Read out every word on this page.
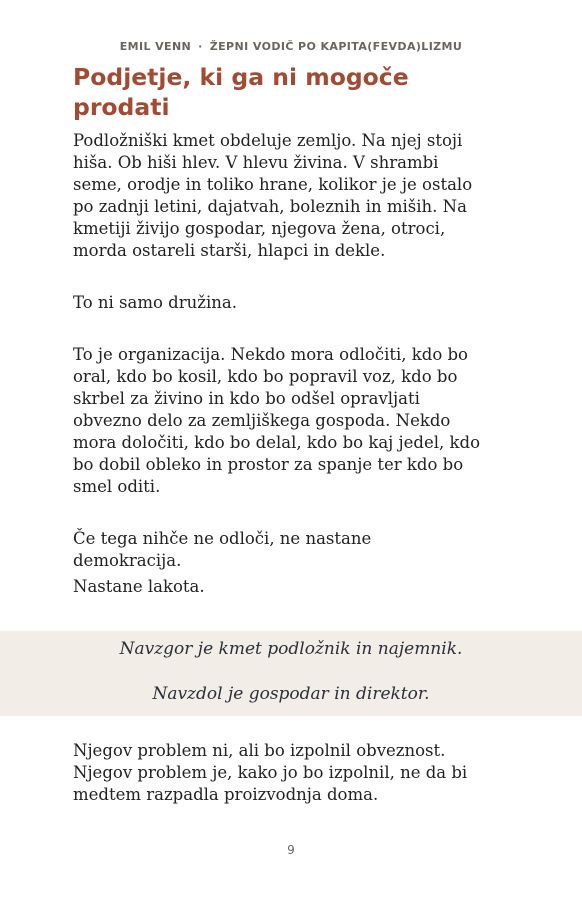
EMIL VENN · ŽEPNI VODIČ PO KAPITA(FEVDA)LIZMU
Podjetje, ki ga ni mogoče
prodati

Podložniški kmet obdeluje zemljo. Na njej stoji
hiša. Ob hiši hlev. V hlevu živina. V shrambi
seme, orodje in toliko hrane, kolikor je je ostalo
po zadnji letini, dajatvah, boleznih in miših. Na
kmetiji živijo gospodar, njegova žena, otroci,
morda ostareli starši, hlapci in dekle.

To ni samo družina.

To je organizacija. Nekdo mora odločiti, kdo bo
oral, kdo bo kosil, kdo bo popravil voz, kdo bo
skrbel za živino in kdo bo odšel opravljati
obvezno delo za zemljiškega gospoda. Nekdo
mora določiti, kdo bo delal, kdo bo kaj jedel, kdo
bo dobil obleko in prostor za spanje ter kdo bo
smel oditi.

Če tega nihče ne odloči, ne nastane
demokracija.

Nastane lakota.

Navzgor je kmet podložnik in najemnik.

Navzdol je gospodar in direktor.

Njegov problem ni, ali bo izpolnil obveznost.
Njegov problem je, kako jo bo izpolnil, ne da bi
medtem razpadla proizvodnja doma.

9
